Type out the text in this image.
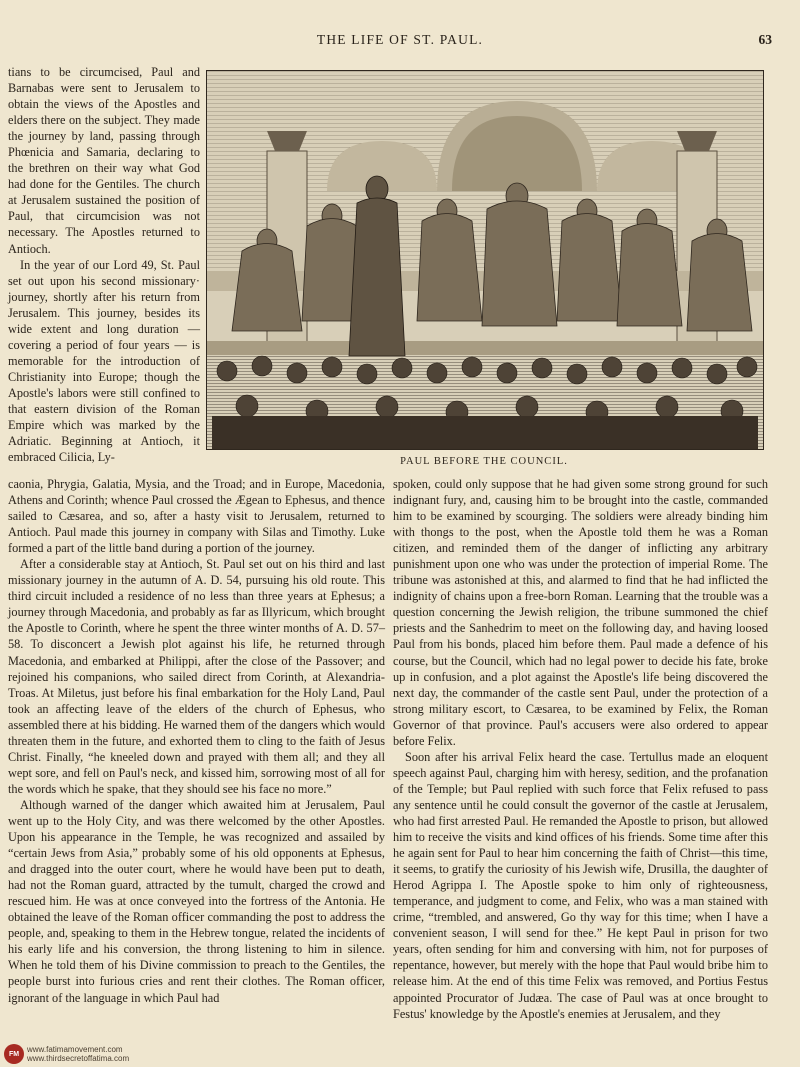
THE LIFE OF ST. PAUL.	63

tians to be circumcised, Paul and Barnabas were sent to Jerusalem to obtain the views of the Apostles and elders there on the subject. They made the journey by land, passing through Phœnicia and Samaria, declaring to the brethren on their way what God had done for the Gentiles. The church at Jerusalem sustained the position of Paul, that circumcision was not necessary. The Apostles returned to Antioch.

In the year of our Lord 49, St. Paul set out upon his second missionary· journey, shortly after his return from Jerusalem. This journey, besides its wide extent and long duration — covering a period of four years — is memorable for the introduction of Christianity into Europe; though the Apostle's labors were still confined to that eastern division of the Roman Empire which was marked by the Adriatic. Beginning at Antioch, it embraced Cilicia, Ly-	PAUL BEFORE THE COUNCIL.

caonia, Phrygia, Galatia, Mysia, and the Troad; and in Europe, Macedonia, Athens and Corinth; whence Paul crossed the Ægean to Ephesus, and thence sailed to Cæsarea, and so, after a hasty visit to Jerusalem, returned to Antioch. Paul made this journey in company with Silas and Timothy. Luke formed a part of the little band during a portion of the journey.

After a considerable stay at Antioch, St. Paul set out on his third and last missionary journey in the autumn of A. D. 54, pursuing his old route. This third circuit included a residence of no less than three years at Ephesus; a journey through Macedonia, and probably as far as Illyricum, which brought the Apostle to Corinth, where he spent the three winter months of A. D. 57–58. To disconcert a Jewish plot against his life, he returned through Macedonia, and embarked at Philippi, after the close of the Passover; and rejoined his companions, who sailed direct from Corinth, at Alexandria-Troas. At Miletus, just before his final embarkation for the Holy Land, Paul took an affecting leave of the elders of the church of Ephesus, who assembled there at his bidding. He warned them of the dangers which would threaten them in the future, and exhorted them to cling to the faith of Jesus Christ. Finally, “he kneeled down and prayed with them all; and they all wept sore, and fell on Paul's neck, and kissed him, sorrowing most of all for the words which he spake, that they should see his face no more.”

Although warned of the danger which awaited him at Jerusalem, Paul went up to the Holy City, and was there welcomed by the other Apostles. Upon his appearance in the Temple, he was recognized and assailed by “certain Jews from Asia,” probably some of his old opponents at Ephesus, and dragged into the outer court, where he would have been put to death, had not the Roman guard, attracted by the tumult, charged the crowd and rescued him. He was at once conveyed into the fortress of the Antonia. He obtained the leave of the Roman officer commanding the post to address the people, and, speaking to them in the Hebrew tongue, related the incidents of his early life and his conversion, the throng listening to him in silence. When he told them of his Divine commission to preach to the Gentiles, the people burst into furious cries and rent their clothes. The Roman officer, ignorant of the language in which Paul had

spoken, could only suppose that he had given some strong ground for such indignant fury, and, causing him to be brought into the castle, commanded him to be examined by scourging. The soldiers were already binding him with thongs to the post, when the Apostle told them he was a Roman citizen, and reminded them of the danger of inflicting any arbitrary punishment upon one who was under the protection of imperial Rome. The tribune was astonished at this, and alarmed to find that he had inflicted the indignity of chains upon a free-born Roman. Learning that the trouble was a question concerning the Jewish religion, the tribune summoned the chief priests and the Sanhedrim to meet on the following day, and having loosed Paul from his bonds, placed him before them. Paul made a defence of his course, but the Council, which had no legal power to decide his fate, broke up in confusion, and a plot against the Apostle's life being discovered the next day, the commander of the castle sent Paul, under the protection of a strong military escort, to Cæsarea, to be examined by Felix, the Roman Governor of that province. Paul's accusers were also ordered to appear before Felix.

Soon after his arrival Felix heard the case. Tertullus made an eloquent speech against Paul, charging him with heresy, sedition, and the profanation of the Temple; but Paul replied with such force that Felix refused to pass any sentence until he could consult the governor of the castle at Jerusalem, who had first arrested Paul. He remanded the Apostle to prison, but allowed him to receive the visits and kind offices of his friends. Some time after this he again sent for Paul to hear him concerning the faith of Christ—this time, it seems, to gratify the curiosity of his Jewish wife, Drusilla, the daughter of Herod Agrippa I. The Apostle spoke to him only of righteousness, temperance, and judgment to come, and Felix, who was a man stained with crime, “trembled, and answered, Go thy way for this time; when I have a convenient season, I will send for thee.” He kept Paul in prison for two years, often sending for him and conversing with him, not for purposes of repentance, however, but merely with the hope that Paul would bribe him to release him. At the end of this time Felix was removed, and Portius Festus appointed Procurator of Judæa. The case of Paul was at once brought to Festus' knowledge by the Apostle's enemies at Jerusalem, and they

FM www.fatimamovement.com
www.thirdsecretoffatima.com
